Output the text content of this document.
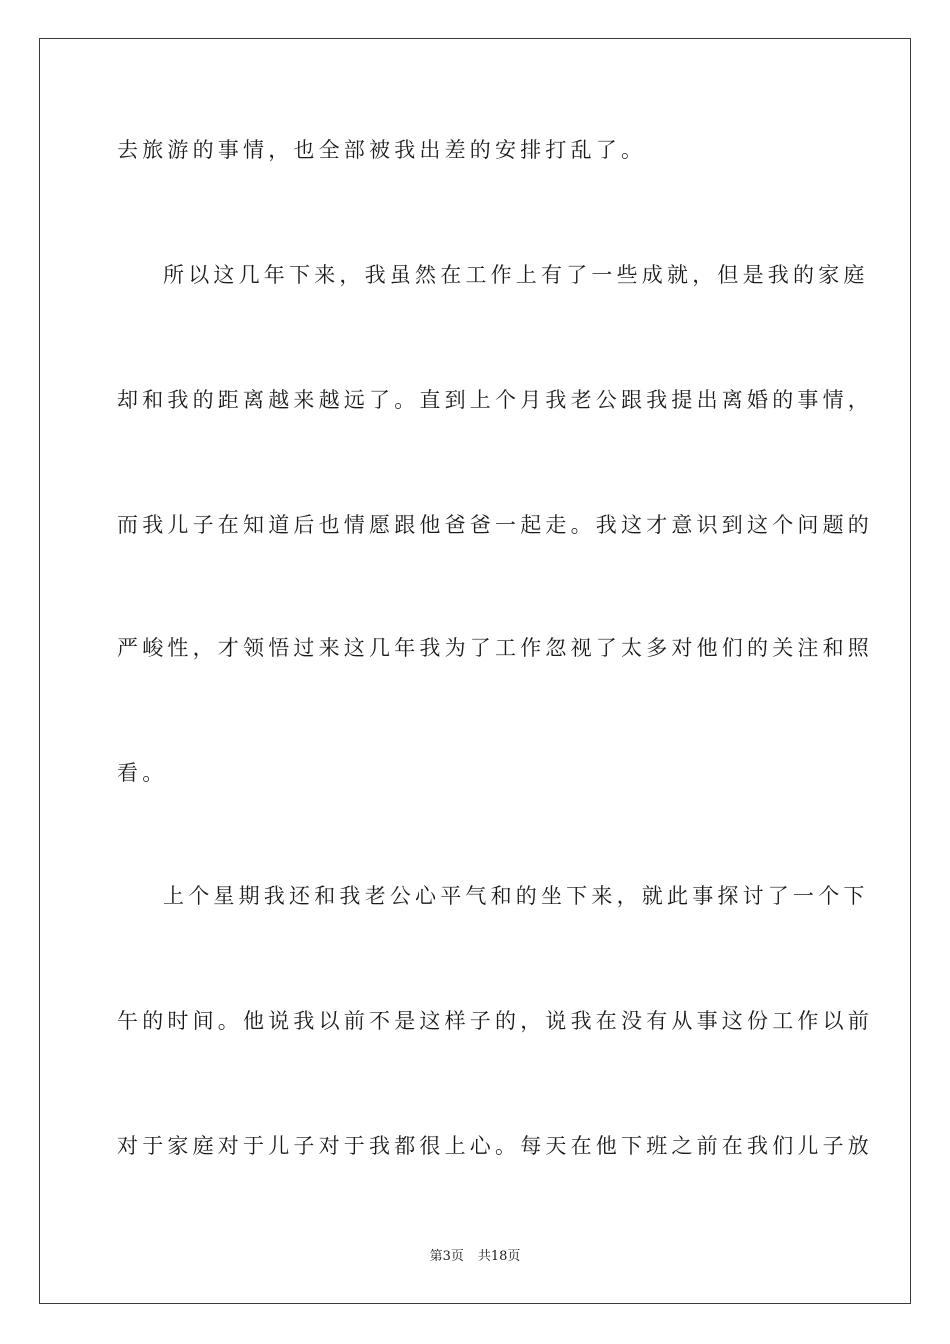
去旅游的事情，也全部被我出差的安排打乱了。
所以这几年下来，我虽然在工作上有了一些成就，但是我的家庭
却和我的距离越来越远了。直到上个月我老公跟我提出离婚的事情，
而我儿子在知道后也情愿跟他爸爸一起走。我这才意识到这个问题的
严峻性，才领悟过来这几年我为了工作忽视了太多对他们的关注和照
看。
上个星期我还和我老公心平气和的坐下来，就此事探讨了一个下
午的时间。他说我以前不是这样子的，说我在没有从事这份工作以前
对于家庭对于儿子对于我都很上心。每天在他下班之前在我们儿子放
第3页 共18页
